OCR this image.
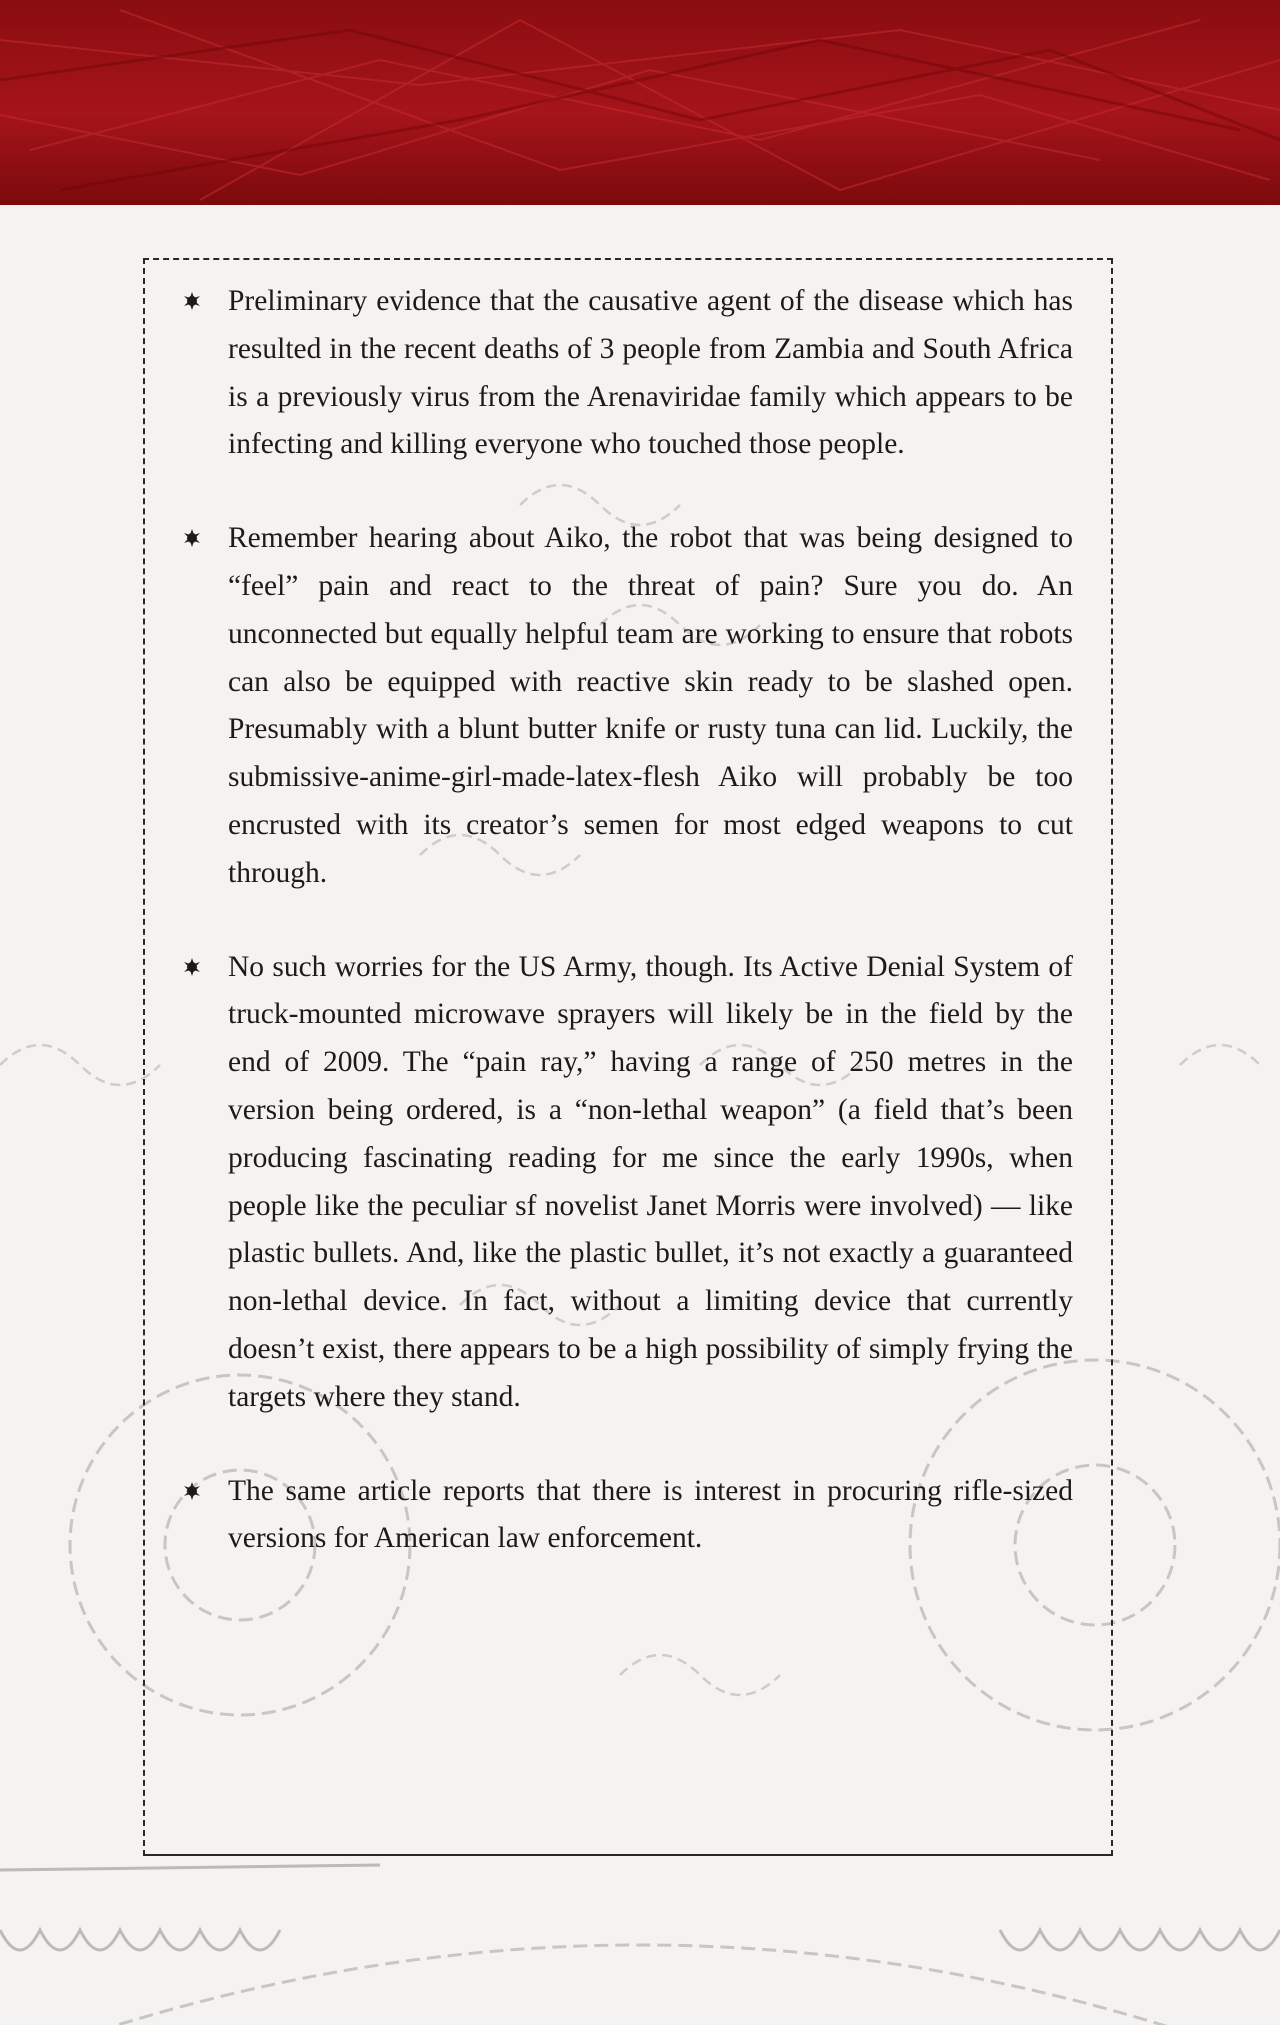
Preliminary evidence that the causative agent of the disease which has resulted in the recent deaths of 3 people from Zambia and South Africa is a previously virus from the Arenaviridae family which appears to be infecting and killing everyone who touched those people.
Remember hearing about Aiko, the robot that was being designed to “feel” pain and react to the threat of pain? Sure you do. An unconnected but equally helpful team are working to ensure that robots can also be equipped with reactive skin ready to be slashed open. Presumably with a blunt butter knife or rusty tuna can lid. Luckily, the submissive-anime-girl-made-latex-flesh Aiko will probably be too encrusted with its creator’s semen for most edged weapons to cut through.
No such worries for the US Army, though. Its Active Denial System of truck-mounted microwave sprayers will likely be in the field by the end of 2009. The “pain ray,” having a range of 250 metres in the version being ordered, is a “non-lethal weapon” (a field that’s been producing fascinating reading for me since the early 1990s, when people like the peculiar sf novelist Janet Morris were involved) — like plastic bullets. And, like the plastic bullet, it’s not exactly a guaranteed non-lethal device. In fact, without a limiting device that currently doesn’t exist, there appears to be a high possibility of simply frying the targets where they stand.
The same article reports that there is interest in procuring rifle-sized versions for American law enforcement.
